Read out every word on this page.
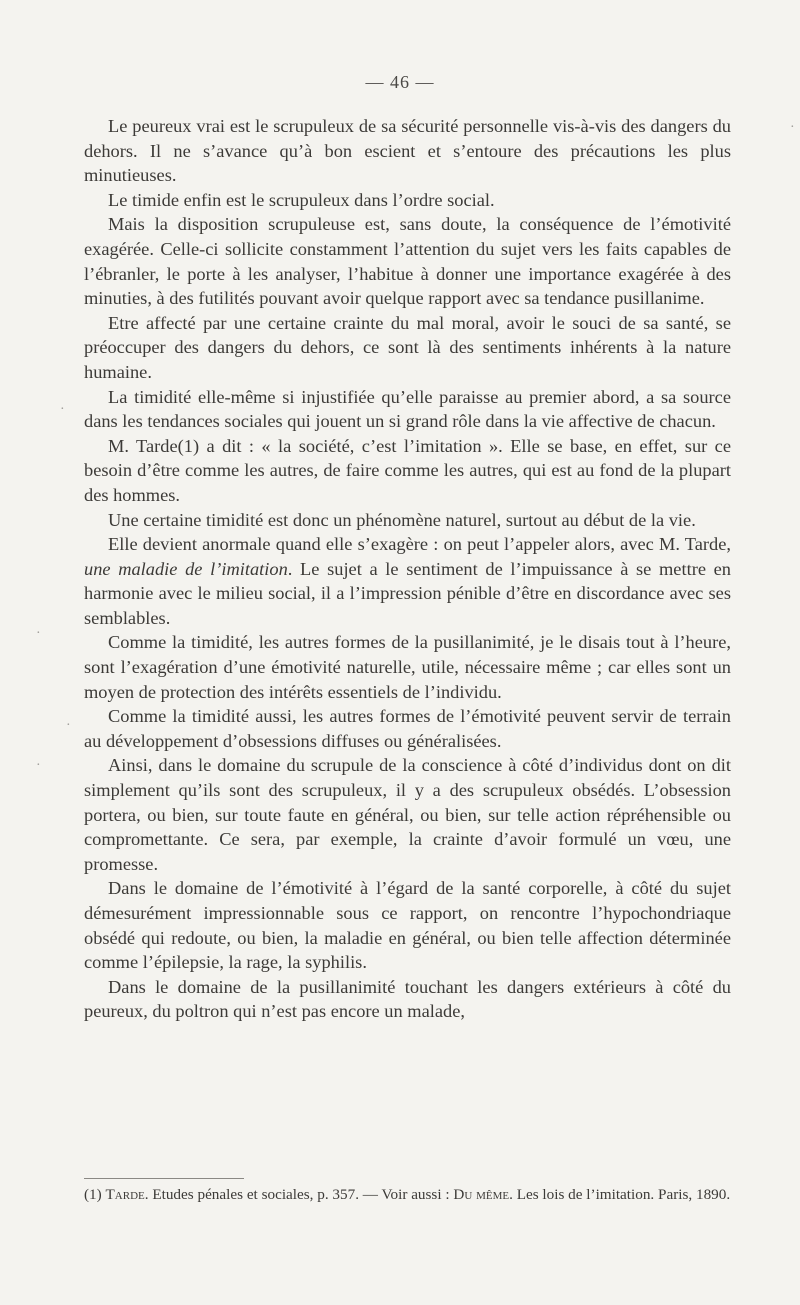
— 46 —

Le peureux vrai est le scrupuleux de sa sécurité personnelle vis-à-vis des dangers du dehors. Il ne s’avance qu’à bon escient et s’entoure des précautions les plus minutieuses.

Le timide enfin est le scrupuleux dans l’ordre social.

Mais la disposition scrupuleuse est, sans doute, la conséquence de l’émotivité exagérée. Celle-ci sollicite constamment l’attention du sujet vers les faits capables de l’ébranler, le porte à les analyser, l’habitue à donner une importance exagérée à des minuties, à des futilités pouvant avoir quelque rapport avec sa tendance pusillanime.

Etre affecté par une certaine crainte du mal moral, avoir le souci de sa santé, se préoccuper des dangers du dehors, ce sont là des sentiments inhérents à la nature humaine.

La timidité elle-même si injustifiée qu’elle paraisse au premier abord, a sa source dans les tendances sociales qui jouent un si grand rôle dans la vie affective de chacun.

M. Tarde(1) a dit : « la société, c’est l’imitation ». Elle se base, en effet, sur ce besoin d’être comme les autres, de faire comme les autres, qui est au fond de la plupart des hommes.

Une certaine timidité est donc un phénomène naturel, surtout au début de la vie.

Elle devient anormale quand elle s’exagère : on peut l’appeler alors, avec M. Tarde, une maladie de l’imitation. Le sujet a le sentiment de l’impuissance à se mettre en harmonie avec le milieu social, il a l’impression pénible d’être en discordance avec ses semblables.

Comme la timidité, les autres formes de la pusillanimité, je le disais tout à l’heure, sont l’exagération d’une émotivité naturelle, utile, nécessaire même ; car elles sont un moyen de protection des intérêts essentiels de l’individu.

Comme la timidité aussi, les autres formes de l’émotivité peuvent servir de terrain au développement d’obsessions diffuses ou généralisées.

Ainsi, dans le domaine du scrupule de la conscience à côté d’individus dont on dit simplement qu’ils sont des scrupuleux, il y a des scrupuleux obsédés. L’obsession portera, ou bien, sur toute faute en général, ou bien, sur telle action répréhensible ou compromettante. Ce sera, par exemple, la crainte d’avoir formulé un vœu, une promesse.

Dans le domaine de l’émotivité à l’égard de la santé corporelle, à côté du sujet démesurément impressionnable sous ce rapport, on rencontre l’hypochondriaque obsédé qui redoute, ou bien, la maladie en général, ou bien telle affection déterminée comme l’épilepsie, la rage, la syphilis.

Dans le domaine de la pusillanimité touchant les dangers extérieurs à côté du peureux, du poltron qui n’est pas encore un malade,

(1) Tarde. Etudes pénales et sociales, p. 357. — Voir aussi : Du même. Les lois de l’imitation. Paris, 1890.
·
·
·
·
·
